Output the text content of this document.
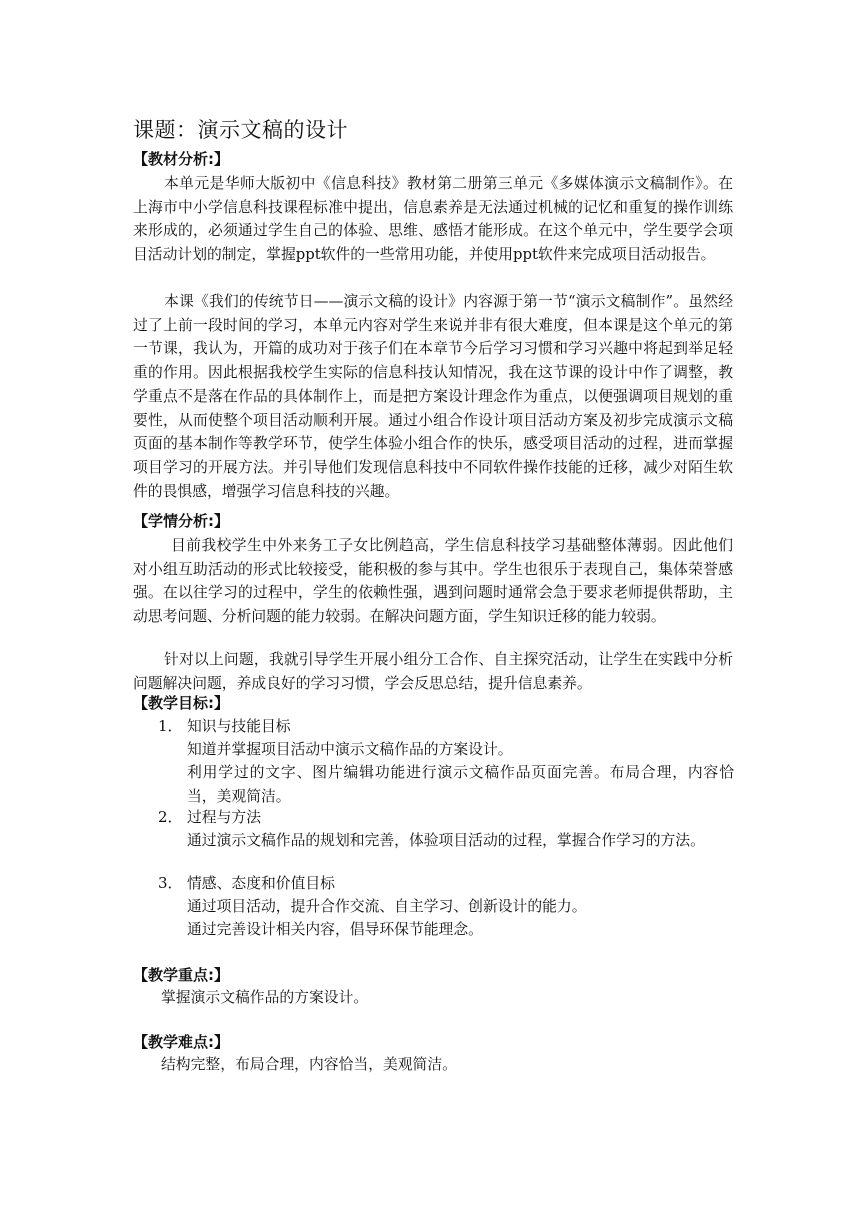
课题：演示文稿的设计
【教材分析:】

本单元是华师大版初中《信息科技》教材第二册第三单元《多媒体演示文稿制作》。在上海市中小学信息科技课程标准中提出，信息素养是无法通过机械的记忆和重复的操作训练来形成的，必须通过学生自己的体验、思维、感悟才能形成。在这个单元中，学生要学会项目活动计划的制定，掌握ppt软件的一些常用功能，并使用ppt软件来完成项目活动报告。

本课《我们的传统节日——演示文稿的设计》内容源于第一节“演示文稿制作”。虽然经过了上前一段时间的学习，本单元内容对学生来说并非有很大难度，但本课是这个单元的第一节课，我认为，开篇的成功对于孩子们在本章节今后学习习惯和学习兴趣中将起到举足轻重的作用。因此根据我校学生实际的信息科技认知情况，我在这节课的设计中作了调整，教学重点不是落在作品的具体制作上，而是把方案设计理念作为重点，以便强调项目规划的重要性，从而使整个项目活动顺利开展。通过小组合作设计项目活动方案及初步完成演示文稿页面的基本制作等教学环节，使学生体验小组合作的快乐，感受项目活动的过程，进而掌握项目学习的开展方法。并引导他们发现信息科技中不同软件操作技能的迁移，减少对陌生软件的畏惧感，增强学习信息科技的兴趣。

【学情分析:】

目前我校学生中外来务工子女比例趋高，学生信息科技学习基础整体薄弱。因此他们对小组互助活动的形式比较接受，能积极的参与其中。学生也很乐于表现自己，集体荣誉感强。在以往学习的过程中，学生的依赖性强，遇到问题时通常会急于要求老师提供帮助，主动思考问题、分析问题的能力较弱。在解决问题方面，学生知识迁移的能力较弱。

针对以上问题，我就引导学生开展小组分工合作、自主探究活动，让学生在实践中分析问题解决问题，养成良好的学习习惯，学会反思总结，提升信息素养。

【教学目标:】
1． 知识与技能目标

知道并掌握项目活动中演示文稿作品的方案设计。

利用学过的文字、图片编辑功能进行演示文稿作品页面完善。布局合理，内容恰当，美观简洁。

2． 过程与方法

通过演示文稿作品的规划和完善，体验项目活动的过程，掌握合作学习的方法。

3． 情感、态度和价值目标

通过项目活动，提升合作交流、自主学习、创新设计的能力。

通过完善设计相关内容，倡导环保节能理念。

【教学重点:】
掌握演示文稿作品的方案设计。
【教学难点:】
结构完整，布局合理，内容恰当，美观简洁。
